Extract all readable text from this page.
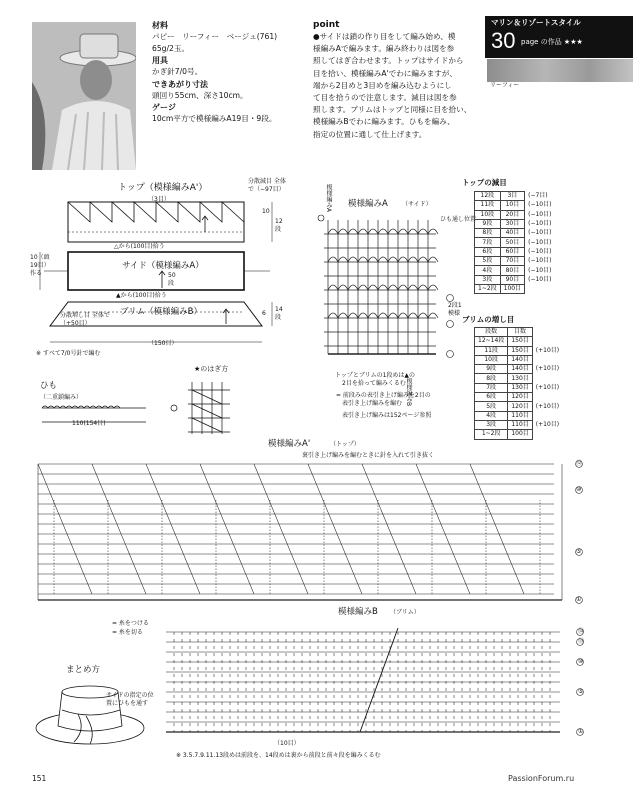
材料
パピー　リーフィー　ベージュ(761)
65g/2玉。
用具
かぎ針7/0号。
できあがり寸法
頭回り55cm、深さ10cm。
ゲージ
10cm平方で模様編みA19目・9段。
point
●サイドは鎖の作り目をして編み始め、模
様編みAで編みます。編み終わりは図を参
照してはぎ合わせます。トップはサイドから
目を拾い、模様編みA'でわに編みますが、
端から2目めと3目めを編み込むようにし
て目を拾うので注意します。減目は図を参
照します。ブリムはトップと同様に目を拾い、
模様編みBでわに編みます。ひもを編み、
指定の位置に通して仕上げます。
マリン＆リゾートスタイル
30 page の作品 ★★★
リーフィー
トップ（模様編みA'）
（3目）
分散減目 全体で（−97目）
サイド（模様編みA）
50
段
△から(100目)拾う
▲から(100目)拾う
ブリム（模様編みB）
分散増し目 全体で（+50目）
（150目）
10（頭19目）作る
10
12
段
6
14
段
※ すべて7/0号針で編む
模様編みA （サイド）
ひも通し位置
模様編みA
2段1模様
トップとブリムの1段めは▲の
2目を拾って編みくるむ
= 前段みの表引き上げ編みを2目の
表引き上げ編みを編む
表引き上げ編みは152ページ参照
模様編みB
トップの減目
12段	3目	(−7目)
11段	10目	(−10目)
10段	20目	(−10目)
9段	30目	(−10目)
8段	40目	(−10目)
7段	50目	(−10目)
6段	60目	(−10目)
5段	70目	(−10目)
4段	80目	(−10目)
3段	90目	(−10目)
1~2段	100目	
ブリムの増し目
段数	目数	
12~14段	150目	
11段	150目	(+10目)
10段	140目	
9段	140目	(+10目)
8段	130目	
7段	130目	(+10目)
6段	120目	
5段	120目	(+10目)
4段	110目	
3段	110目	(+10目)
1~2段	100目	
ひも
（二重鎖編み）
110(154目)
★のはぎ方
模様編みA'	（トップ）
裏引き上げ編みを編むときに針を入れて引き抜く
⑫
⑩
⑤
①
模様編みB （ブリム）
= 糸をつける
= 糸を切る	⑭
⑬
⑩
⑤
①
（10目）
※ 3.5.7.9.11.13段めは前段を、14段めは裏から前段と前々段を編みくるむ
まとめ方
サイドの指定の位置にひもを通す
151	PassionForum.ru
